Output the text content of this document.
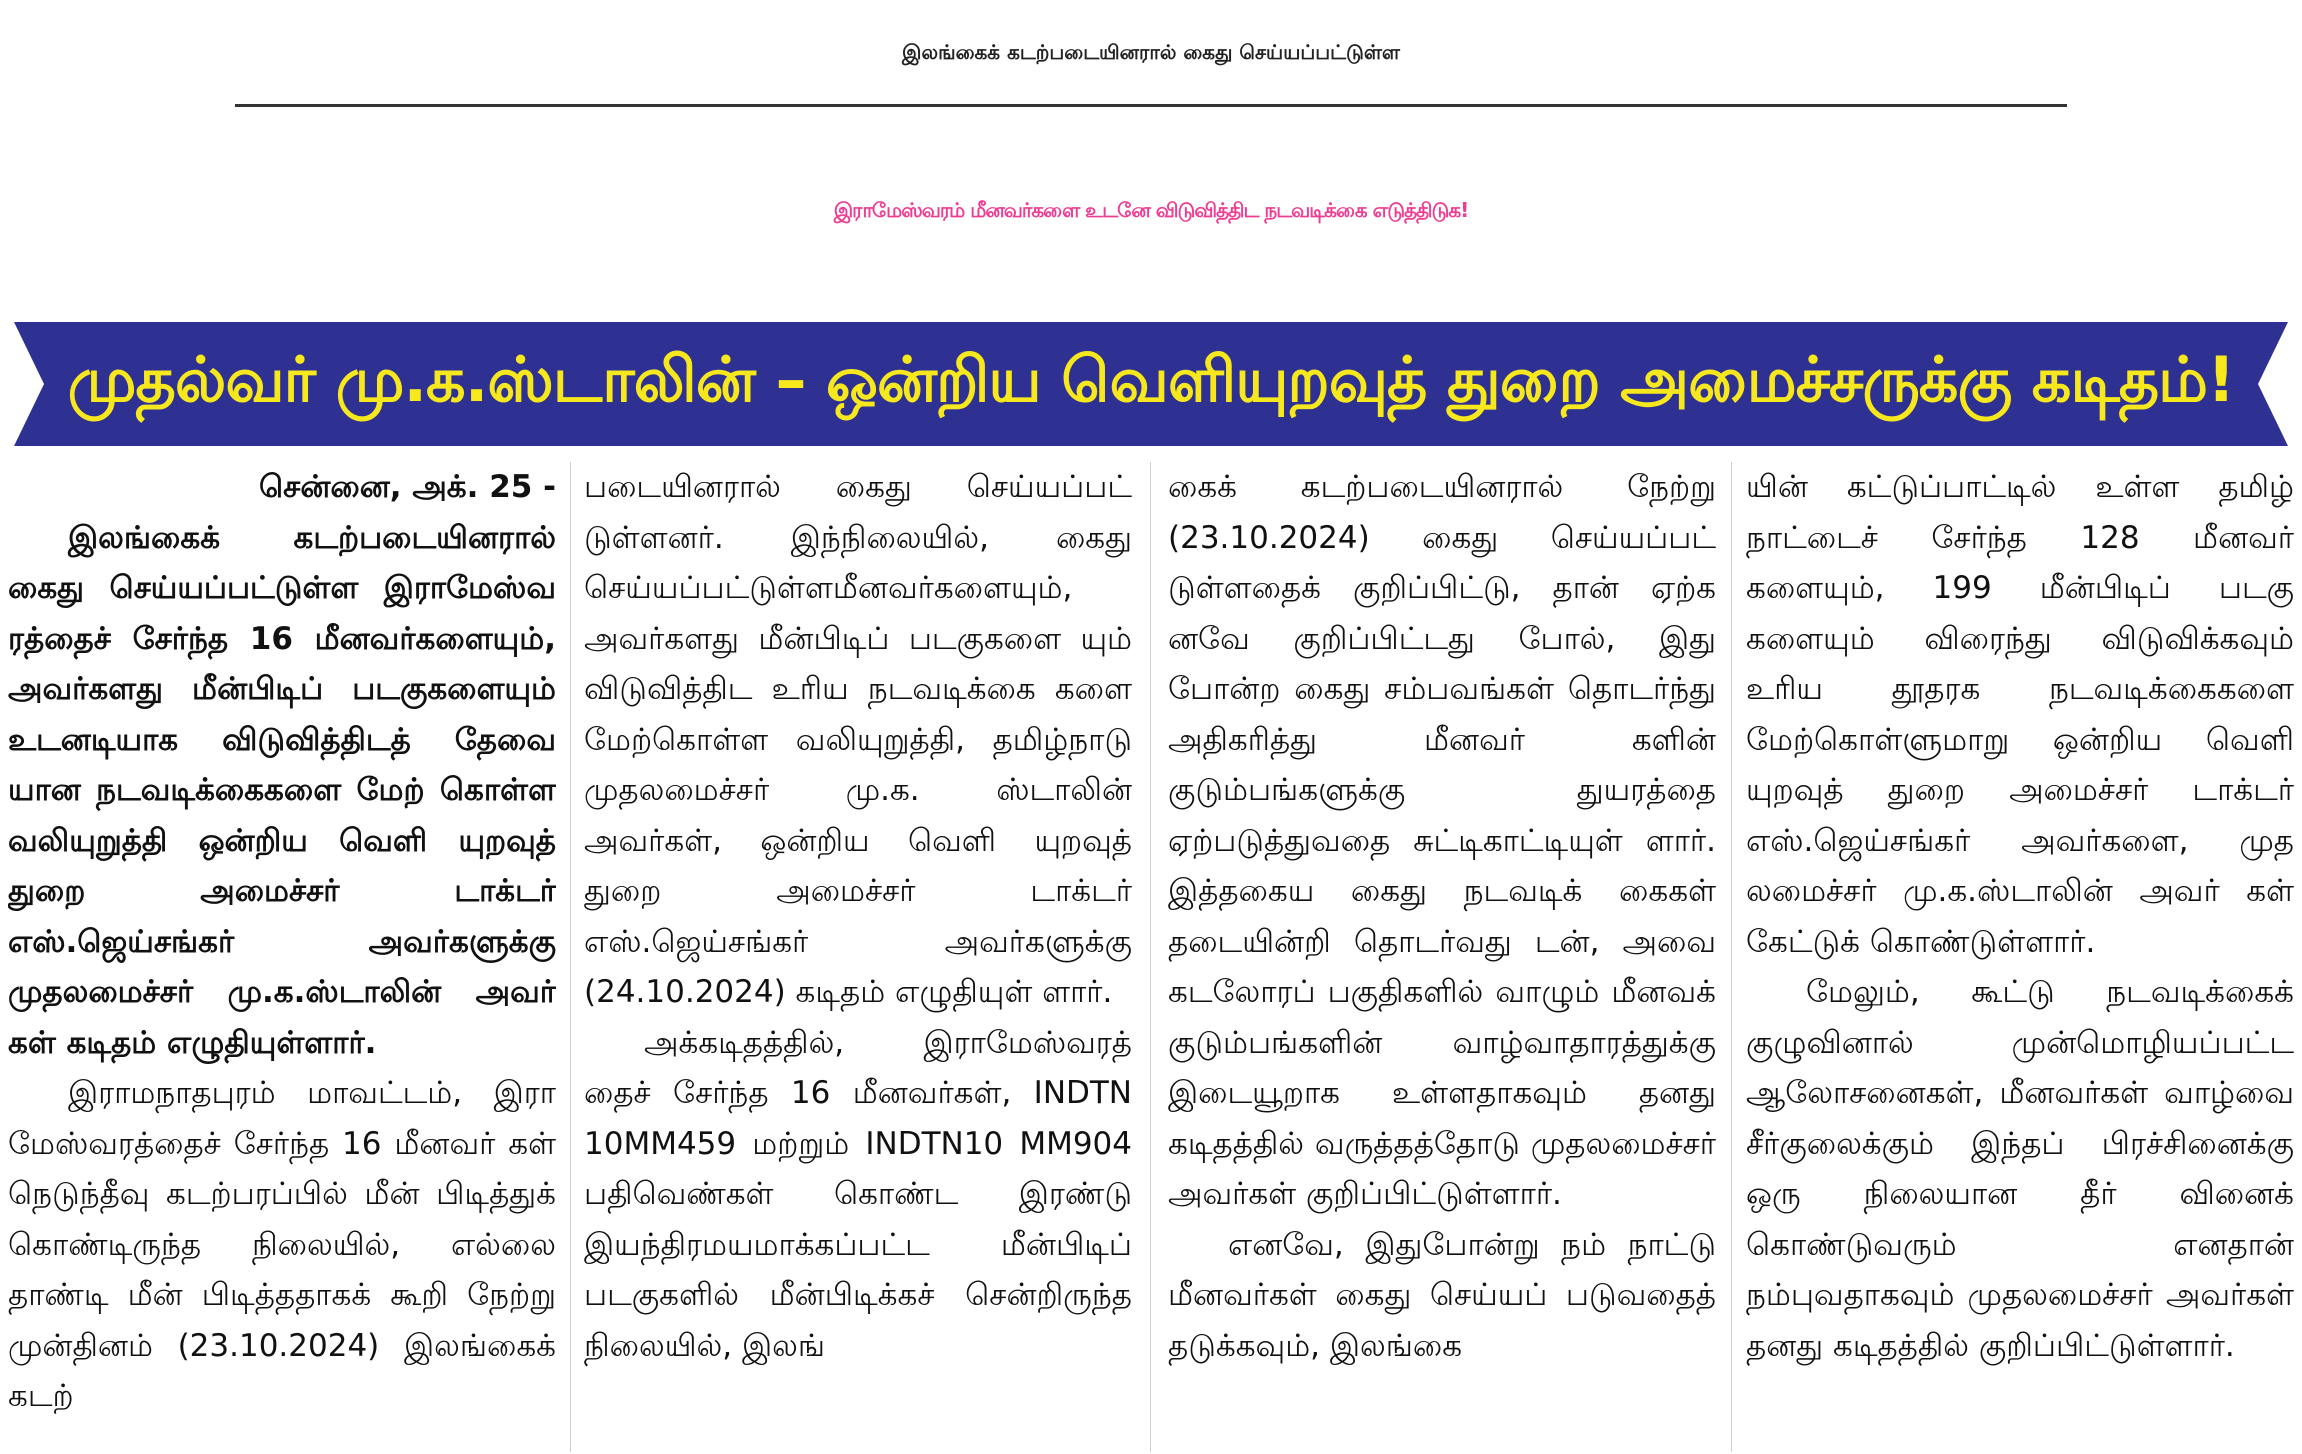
இலங்கைக் கடற்படையினரால் கைது செய்யப்பட்டுள்ள
இராமேஸ்வரம் மீனவர்களை உடனே விடுவித்திட நடவடிக்கை எடுத்திடுக!
முதல்வர் மு.க.ஸ்டாலின் – ஒன்றிய வெளியுறவுத் துறை அமைச்சருக்கு கடிதம்!

சென்னை, அக். 25 -

இலங்கைக் கடற்படையினரால் கைது செய்யப்பட்டுள்ள இராமேஸ்வ ரத்தைச் சேர்ந்த 16 மீனவர்களையும், அவர்களது மீன்பிடிப் படகுகளையும் உடனடியாக விடுவித்திடத் தேவை யான நடவடிக்கைகளை மேற் கொள்ள வலியுறுத்தி ஒன்றிய வெளி யுறவுத் துறை அமைச்சர் டாக்டர் எஸ்.ஜெய்சங்கர் அவர்களுக்கு முதலமைச்சர் மு.க.ஸ்டாலின் அவர் கள் கடிதம் எழுதியுள்ளார்.

இராமநாதபுரம் மாவட்டம், இரா மேஸ்வரத்தைச் சேர்ந்த 16 மீனவர் கள் நெடுந்தீவு கடற்பரப்பில் மீன் பிடித்துக் கொண்டிருந்த நிலையில், எல்லை தாண்டி மீன் பிடித்ததாகக் கூறி நேற்று முன்தினம் (23.10.2024) இலங்கைக் கடற்

படையினரால் கைது செய்யப்பட் டுள்ளனர். இந்நிலையில், கைது செய்யப்பட்டுள்ளமீனவர்களையும், அவர்களது மீன்பிடிப் படகுகளை யும் விடுவித்திட உரிய நடவடிக்கை களை மேற்கொள்ள வலியுறுத்தி, தமிழ்நாடு முதலமைச்சர் மு.க. ஸ்டாலின் அவர்கள், ஒன்றிய வெளி யுறவுத் துறை அமைச்சர் டாக்டர் எஸ்.ஜெய்சங்கர் அவர்களுக்கு (24.10.2024) கடிதம் எழுதியுள் ளார்.

அக்கடிதத்தில், இராமேஸ்வரத் தைச் சேர்ந்த 16 மீனவர்கள், INDTN 10MM459 மற்றும் INDTN10 MM904 பதிவெண்கள் கொண்ட இரண்டு இயந்திரமயமாக்கப்பட்ட மீன்பிடிப் படகுகளில் மீன்பிடிக்கச் சென்றிருந்த நிலையில், இலங்

கைக் கடற்படையினரால் நேற்று (23.10.2024) கைது செய்யப்பட் டுள்ளதைக் குறிப்பிட்டு, தான் ஏற்க னவே குறிப்பிட்டது போல், இது போன்ற கைது சம்பவங்கள் தொடர்ந்து அதிகரித்து மீனவர் களின் குடும்பங்களுக்கு துயரத்தை ஏற்படுத்துவதை சுட்டிகாட்டியுள் ளார். இத்தகைய கைது நடவடிக் கைகள் தடையின்றி தொடர்வது டன், அவை கடலோரப் பகுதிகளில் வாழும் மீனவக் குடும்பங்களின் வாழ்வாதாரத்துக்கு இடையூறாக உள்ளதாகவும் தனது கடிதத்தில் வருத்தத்தோடு முதலமைச்சர் அவர்கள் குறிப்பிட்டுள்ளார்.

எனவே, இதுபோன்று நம் நாட்டு மீனவர்கள் கைது செய்யப் படுவதைத் தடுக்கவும், இலங்கை

யின் கட்டுப்பாட்டில் உள்ள தமிழ் நாட்டைச் சேர்ந்த 128 மீனவர் களையும், 199 மீன்பிடிப் படகு களையும் விரைந்து விடுவிக்கவும் உரிய தூதரக நடவடிக்கைகளை மேற்கொள்ளுமாறு ஒன்றிய வெளி யுறவுத் துறை அமைச்சர் டாக்டர் எஸ்.ஜெய்சங்கர் அவர்களை, முத லமைச்சர் மு.க.ஸ்டாலின் அவர் கள் கேட்டுக் கொண்டுள்ளார்.

மேலும், கூட்டு நடவடிக்கைக் குழுவினால் முன்மொழியப்பட்ட ஆலோசனைகள், மீனவர்கள் வாழ்வை சீர்குலைக்கும் இந்தப் பிரச்சினைக்கு ஒரு நிலையான தீர் வினைக் கொண்டுவரும் எனதான் நம்புவதாகவும் முதலமைச்சர் அவர்கள் தனது கடிதத்தில் குறிப்பிட்டுள்ளார்.
